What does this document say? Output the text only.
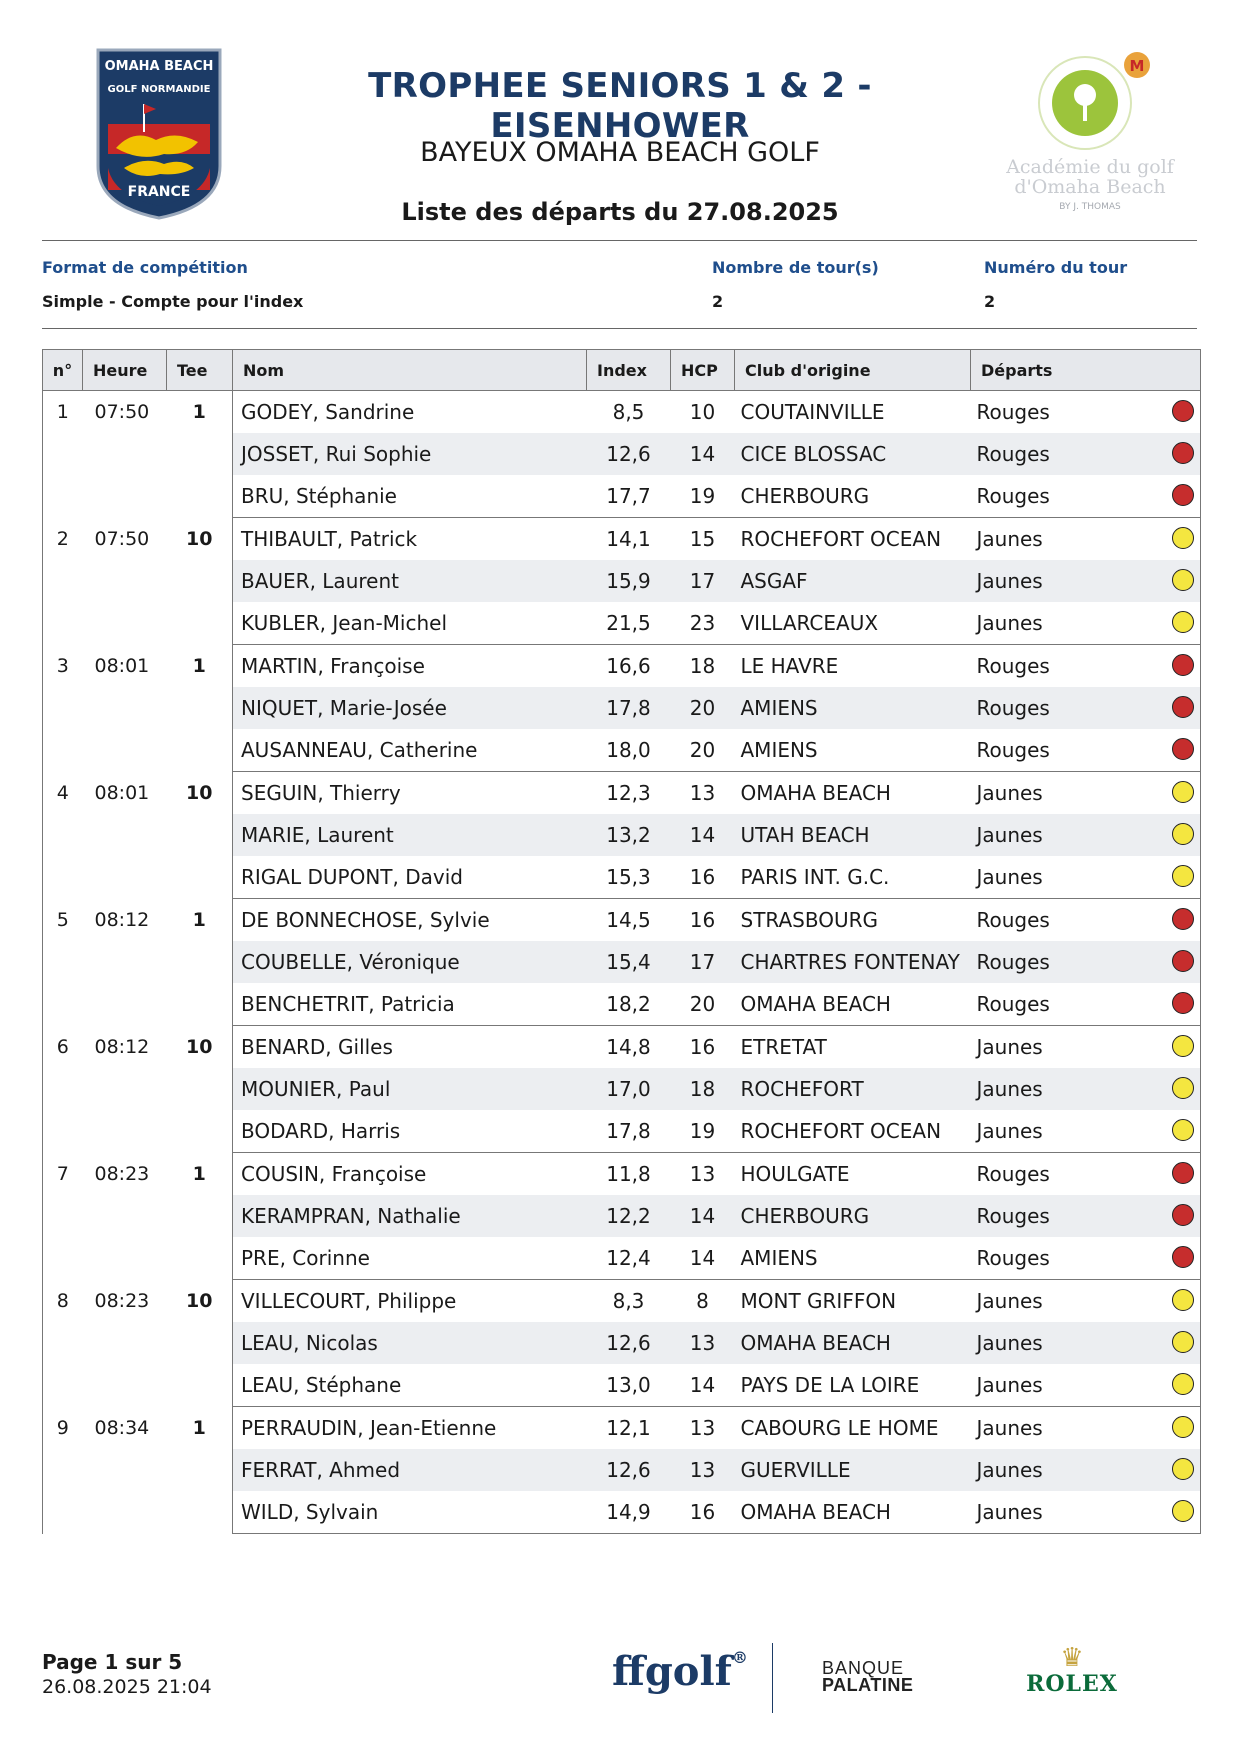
OMAHA BEACH
GOLF NORMANDIE
FRANCE
TROPHEE SENIORS 1 & 2 - EISENHOWER
BAYEUX OMAHA BEACH GOLF
Liste des départs du 27.08.2025
M
Académie du golf
d'Omaha Beach
BY J. THOMAS
Format de compétition
Simple - Compte pour l'index
Nombre de tour(s)
2
Numéro du tour
2
n°	Heure	Tee	Nom	Index	HCP	Club d'origine	Départs
1	07:50	1	GODEY, Sandrine	8,5	10	COUTAINVILLE	Rouges

			JOSSET, Rui Sophie	12,6	14	CICE BLOSSAC	Rouges

			BRU, Stéphanie	17,7	19	CHERBOURG	Rouges

2	07:50	10	THIBAULT, Patrick	14,1	15	ROCHEFORT OCEAN	Jaunes

			BAUER, Laurent	15,9	17	ASGAF	Jaunes

			KUBLER, Jean-Michel	21,5	23	VILLARCEAUX	Jaunes

3	08:01	1	MARTIN, Françoise	16,6	18	LE HAVRE	Rouges

			NIQUET, Marie-Josée	17,8	20	AMIENS	Rouges

			AUSANNEAU, Catherine	18,0	20	AMIENS	Rouges

4	08:01	10	SEGUIN, Thierry	12,3	13	OMAHA BEACH	Jaunes

			MARIE, Laurent	13,2	14	UTAH BEACH	Jaunes

			RIGAL DUPONT, David	15,3	16	PARIS INT. G.C.	Jaunes

5	08:12	1	DE BONNECHOSE, Sylvie	14,5	16	STRASBOURG	Rouges

			COUBELLE, Véronique	15,4	17	CHARTRES FONTENAY	Rouges

			BENCHETRIT, Patricia	18,2	20	OMAHA BEACH	Rouges

6	08:12	10	BENARD, Gilles	14,8	16	ETRETAT	Jaunes

			MOUNIER, Paul	17,0	18	ROCHEFORT	Jaunes

			BODARD, Harris	17,8	19	ROCHEFORT OCEAN	Jaunes

7	08:23	1	COUSIN, Françoise	11,8	13	HOULGATE	Rouges

			KERAMPRAN, Nathalie	12,2	14	CHERBOURG	Rouges

			PRE, Corinne	12,4	14	AMIENS	Rouges

8	08:23	10	VILLECOURT, Philippe	8,3	8	MONT GRIFFON	Jaunes

			LEAU, Nicolas	12,6	13	OMAHA BEACH	Jaunes

			LEAU, Stéphane	13,0	14	PAYS DE LA LOIRE	Jaunes

9	08:34	1	PERRAUDIN, Jean-Etienne	12,1	13	CABOURG LE HOME	Jaunes

			FERRAT, Ahmed	12,6	13	GUERVILLE	Jaunes

			WILD, Sylvain	14,9	16	OMAHA BEACH	Jaunes
Page 1 sur 5
26.08.2025 21:04	ffgolf®
BANQUE
PALATINE
♛
ROLEX
